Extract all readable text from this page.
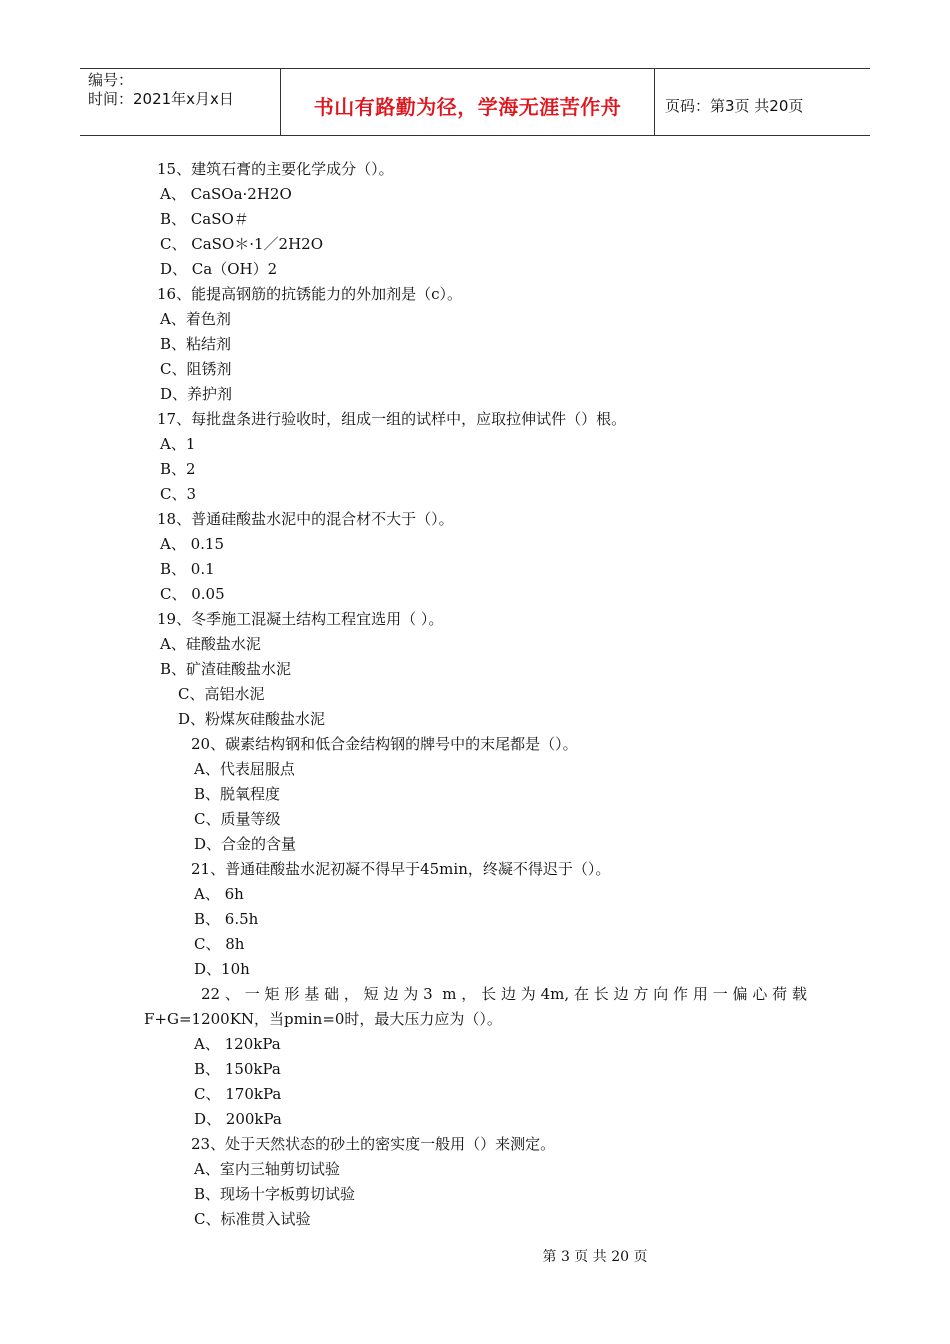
编号：
时间：2021年x月x日	书山有路勤为径，学海无涯苦作舟	页码：第3页 共20页
15、建筑石膏的主要化学成分（）。
A、 CaSOa·2H2O
B、 CaSO＃
C、 CaSO＊·1／2H2O
D、 Ca（OH）2
16、能提高钢筋的抗锈能力的外加剂是（c）。
A、着色剂
B、粘结剂
C、阻锈剂
D、养护剂
17、每批盘条进行验收时，组成一组的试样中，应取拉伸试件（）根。
A、1
B、2
C、3
18、普通硅酸盐水泥中的混合材不大于（）。
A、 0.15
B、 0.1
C、 0.05
19、冬季施工混凝土结构工程宜选用（ ）。
A、硅酸盐水泥
B、矿渣硅酸盐水泥
C、高铝水泥
D、粉煤灰硅酸盐水泥
20、碳素结构钢和低合金结构钢的牌号中的末尾都是（）。
A、代表屈服点
B、脱氧程度
C、质量等级
D、合金的含量
21、普通硅酸盐水泥初凝不得早于45min，终凝不得迟于（）。
A、 6h
B、 6.5h
C、 8h
D、10h
22、一矩形基础，短边为3 m，长边为4m,在长边方向作用一偏心荷载
F+G=1200KN，当pmin=0时，最大压力应为（）。
A、 120kPa
B、 150kPa
C、 170kPa
D、 200kPa
23、处于天然状态的砂土的密实度一般用（）来测定。
A、室内三轴剪切试验
B、现场十字板剪切试验
C、标准贯入试验
第 3 页 共 20 页
